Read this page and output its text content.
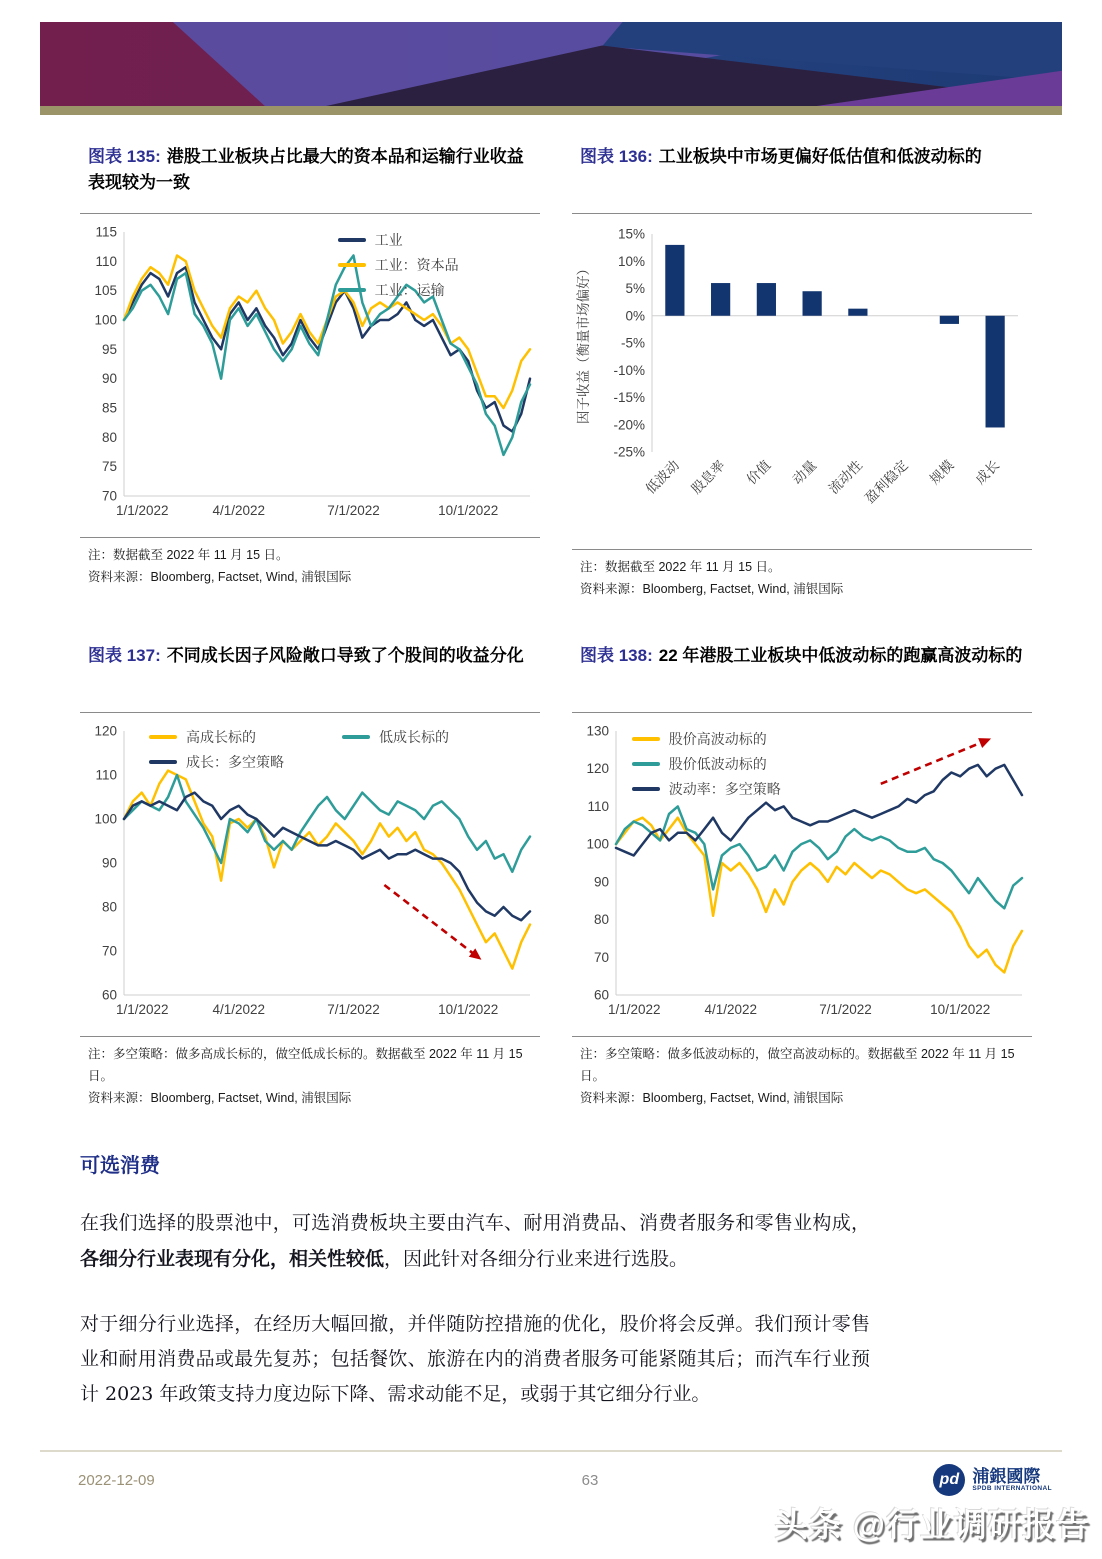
图表 135: 港股工业板块占比最大的资本品和运输行业收益表现较为一致
70
75
80
85
90
95
100
105
110
115
1/1/2022	4/1/2022	7/1/2022	10/1/2022
工业
工业：资本品
工业：运输
注：数据截至 2022 年 11 月 15 日。
资料来源：Bloomberg, Factset, Wind, 浦银国际
图表 136: 工业板块中市场更偏好低估值和低波动标的
-25%
-20%
-15%
-10%
-5%
0%
5%
10%
15%
低波动 股息率 价值 动量 流动性
盈利稳定 规模 成长
因子收益（衡量市场偏好）
注：数据截至 2022 年 11 月 15 日。
资料来源：Bloomberg, Factset, Wind, 浦银国际
图表 137: 不同成长因子风险敞口导致了个股间的收益分化
60
70
80
90
100
110
120
1/1/2022	4/1/2022	7/1/2022	10/1/2022
高成长标的	低成长标的
成长：多空策略
注：多空策略：做多高成长标的，做空低成长标的。数据截至 2022 年 11 月 15 日。
资料来源：Bloomberg, Factset, Wind, 浦银国际
图表 138: 22 年港股工业板块中低波动标的跑赢高波动标的
60
70
80
90
100
110
120
130
1/1/2022	4/1/2022	7/1/2022	10/1/2022
股价高波动标的
股价低波动标的
波动率：多空策略
注：多空策略：做多低波动标的，做空高波动标的。数据截至 2022 年 11 月 15 日。
资料来源：Bloomberg, Factset, Wind, 浦银国际
可选消费

在我们选择的股票池中，可选消费板块主要由汽车、耐用消费品、消费者服务和零售业构成，各细分行业表现有分化，相关性较低，因此针对各细分行业来进行选股。

对于细分行业选择，在经历大幅回撤，并伴随防控措施的优化，股价将会反弹。我们预计零售业和耐用消费品或最先复苏；包括餐饮、旅游在内的消费者服务可能紧随其后；而汽车行业预计 2023 年政策支持力度边际下降、需求动能不足，或弱于其它细分行业。

2022-12-09	63	pd 浦銀國際
SPDB INTERNATIONAL
头条 @行业调研报告
